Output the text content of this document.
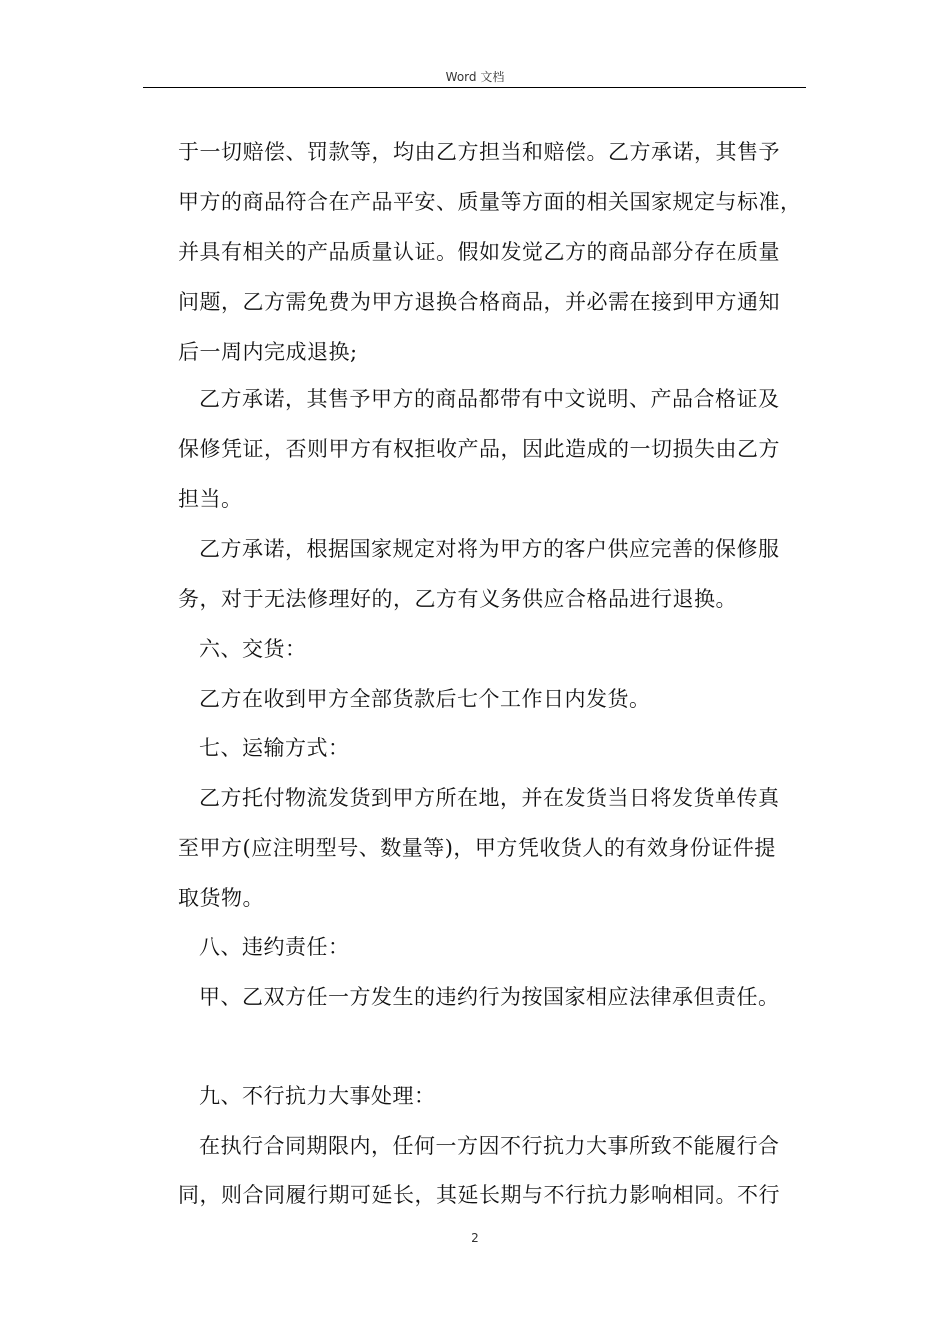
Word 文档
于一切赔偿、罚款等，均由乙方担当和赔偿。乙方承诺，其售予
甲方的商品符合在产品平安、质量等方面的相关国家规定与标准，
并具有相关的产品质量认证。假如发觉乙方的商品部分存在质量
问题，乙方需免费为甲方退换合格商品，并必需在接到甲方通知
后一周内完成退换;
乙方承诺，其售予甲方的商品都带有中文说明、产品合格证及
保修凭证，否则甲方有权拒收产品，因此造成的一切损失由乙方
担当。
乙方承诺，根据国家规定对将为甲方的客户供应完善的保修服
务，对于无法修理好的，乙方有义务供应合格品进行退换。
六、交货：
乙方在收到甲方全部货款后七个工作日内发货。
七、运输方式：
乙方托付物流发货到甲方所在地，并在发货当日将发货单传真
至甲方(应注明型号、数量等)，甲方凭收货人的有效身份证件提
取货物。
八、违约责任：
甲、乙双方任一方发生的违约行为按国家相应法律承但责任。
九、不行抗力大事处理：
在执行合同期限内，任何一方因不行抗力大事所致不能履行合
同，则合同履行期可延长，其延长期与不行抗力影响相同。不行
2
